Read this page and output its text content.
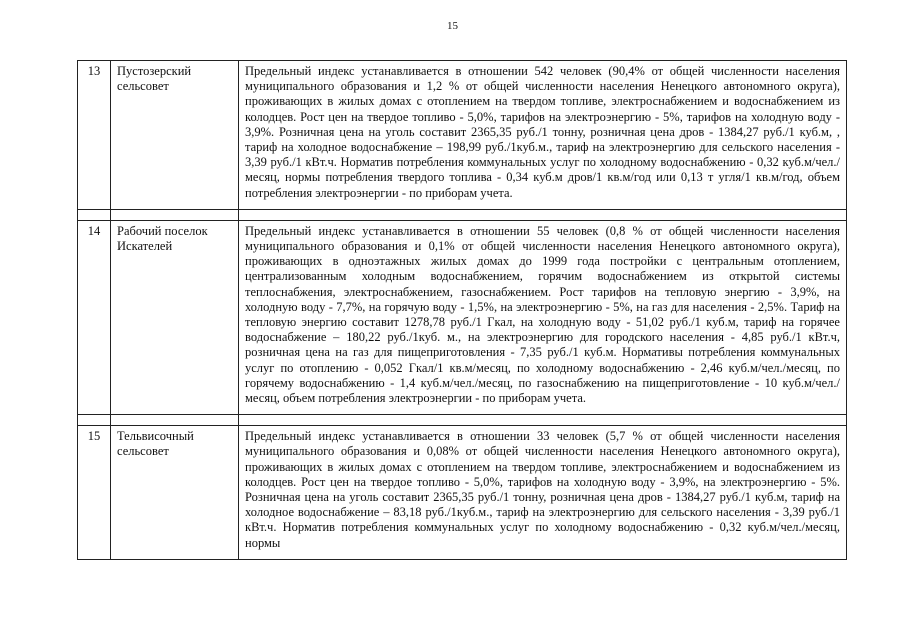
15
13	Пустозерский сельсовет	Предельный индекс устанавливается в отношении 542 человек (90,4% от общей численности населения муниципального образования и 1,2 % от общей численности населения Ненецкого автономного округа), проживающих в жилых домах с отоплением на твердом топливе, электроснабжением и водоснабжением из колодцев. Рост цен на твердое топливо - 5,0%, тарифов на электроэнергию - 5%, тарифов на холодную воду - 3,9%. Розничная цена на уголь составит 2365,35 руб./1 тонну, розничная цена дров - 1384,27 руб./1 куб.м, , тариф на холодное водоснабжение – 198,99 руб./1куб.м., тариф на электроэнергию для сельского населения - 3,39 руб./1 кВт.ч. Норматив потребления коммунальных услуг по холодному водоснабжению - 0,32 куб.м/чел./месяц, нормы потребления твердого топлива - 0,34 куб.м дров/1 кв.м/год или 0,13 т угля/1 кв.м/год, объем потребления электроэнергии - по приборам учета.

14	Рабочий поселок Искателей	Предельный индекс устанавливается в отношении 55 человек (0,8 % от общей численности населения муниципального образования и 0,1% от общей численности населения Ненецкого автономного округа), проживающих в одноэтажных жилых домах до 1999 года постройки с центральным отоплением, централизованным холодным водоснабжением, горячим водоснабжением из открытой системы теплоснабжения, электроснабжением, газоснабжением. Рост тарифов на тепловую энергию - 3,9%, на холодную воду - 7,7%, на горячую воду - 1,5%, на электроэнергию - 5%, на газ для населения - 2,5%. Тариф на тепловую энергию составит 1278,78 руб./1 Гкал, на холодную воду - 51,02 руб./1 куб.м, тариф на горячее водоснабжение – 180,22 руб./1куб. м., на электроэнергию для городского населения - 4,85 руб./1 кВт.ч, розничная цена на газ для пищеприготовления - 7,35 руб./1 куб.м. Нормативы потребления коммунальных услуг по отоплению - 0,052 Гкал/1 кв.м/месяц, по холодному водоснабжению - 2,46 куб.м/чел./месяц, по горячему водоснабжению - 1,4 куб.м/чел./месяц, по газоснабжению на пищеприготовление - 10 куб.м/чел./месяц, объем потребления электроэнергии - по приборам учета.

15	Тельвисочный сельсовет	Предельный индекс устанавливается в отношении 33 человек (5,7 % от общей численности населения муниципального образования и 0,08% от общей численности населения Ненецкого автономного округа), проживающих в жилых домах с отоплением на твердом топливе, электроснабжением и водоснабжением из колодцев. Рост цен на твердое топливо - 5,0%, тарифов на холодную воду - 3,9%, на электроэнергию - 5%. Розничная цена на уголь составит 2365,35 руб./1 тонну, розничная цена дров - 1384,27 руб./1 куб.м, тариф на холодное водоснабжение – 83,18 руб./1куб.м., тариф на электроэнергию для сельского населения - 3,39 руб./1 кВт.ч. Норматив потребления коммунальных услуг по холодному водоснабжению - 0,32 куб.м/чел./месяц, нормы
